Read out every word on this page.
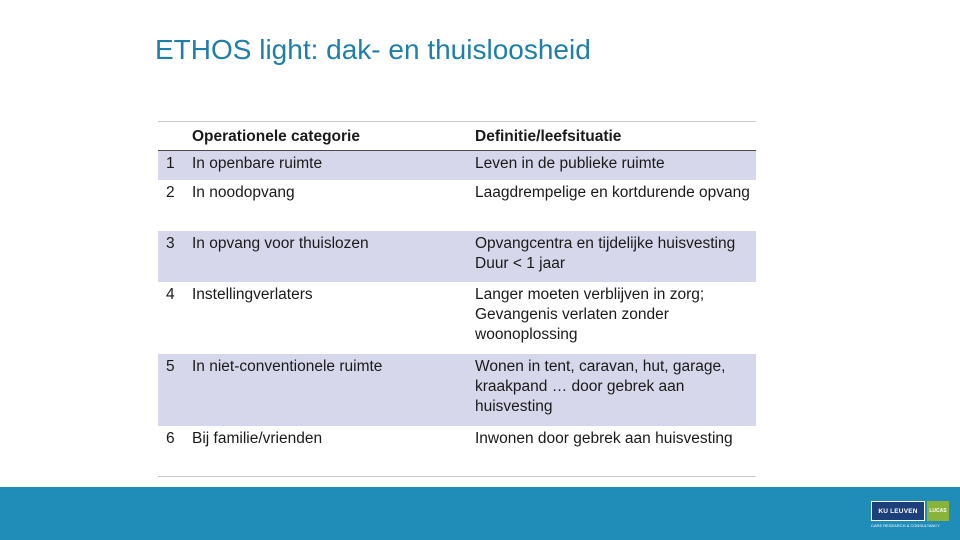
ETHOS light: dak- en thuisloosheid
	Operationele categorie	Definitie/leefsituatie
1	In openbare ruimte	Leven in de publieke ruimte
2	In noodopvang	Laagdrempelige en kortdurende opvang
3	In opvang voor thuislozen	Opvangcentra en tijdelijke huisvesting Duur < 1 jaar
4	Instellingverlaters	Langer moeten verblijven in zorg; Gevangenis verlaten zonder woonoplossing
5	In niet-conventionele ruimte	Wonen in tent, caravan, hut, garage, kraakpand … door gebrek aan huisvesting
6	Bij familie/vrienden	Inwonen door gebrek aan huisvesting
KU LEUVEN	LUCAS
CARE RESEARCH & CONSULTANCY
